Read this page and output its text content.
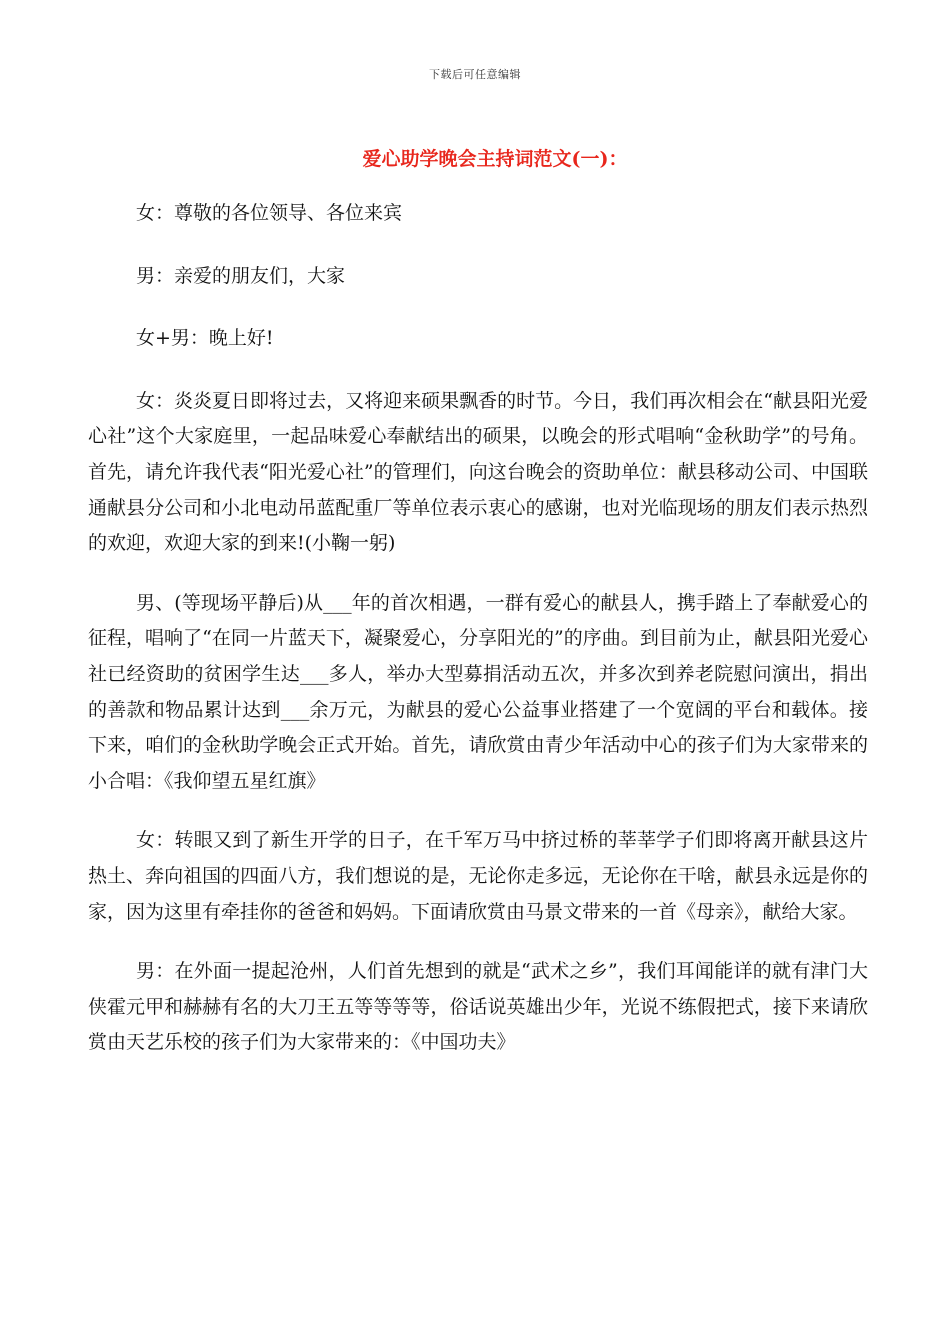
下载后可任意编辑
爱心助学晚会主持词范文(一)：

女：尊敬的各位领导、各位来宾

男：亲爱的朋友们，大家

女+男：晚上好!

女：炎炎夏日即将过去，又将迎来硕果飘香的时节。今日，我们再次相会在“献县阳光爱心社”这个大家庭里，一起品味爱心奉献结出的硕果，以晚会的形式唱响“金秋助学”的号角。首先，请允许我代表“阳光爱心社”的管理们，向这台晚会的资助单位：献县移动公司、中国联通献县分公司和小北电动吊蓝配重厂等单位表示衷心的感谢，也对光临现场的朋友们表示热烈的欢迎，欢迎大家的到来!(小鞠一躬)

男、(等现场平静后)从___年的首次相遇，一群有爱心的献县人，携手踏上了奉献爱心的征程，唱响了“在同一片蓝天下，凝聚爱心，分享阳光的”的序曲。到目前为止，献县阳光爱心社已经资助的贫困学生达___多人，举办大型募捐活动五次，并多次到养老院慰问演出，捐出的善款和物品累计达到___余万元，为献县的爱心公益事业搭建了一个宽阔的平台和载体。接下来，咱们的金秋助学晚会正式开始。首先，请欣赏由青少年活动中心的孩子们为大家带来的小合唱：《我仰望五星红旗》

女：转眼又到了新生开学的日子，在千军万马中挤过桥的莘莘学子们即将离开献县这片热土、奔向祖国的四面八方，我们想说的是，无论你走多远，无论你在干啥，献县永远是你的家，因为这里有牵挂你的爸爸和妈妈。下面请欣赏由马景文带来的一首《母亲》，献给大家。

男：在外面一提起沧州，人们首先想到的就是“武术之乡”，我们耳闻能详的就有津门大侠霍元甲和赫赫有名的大刀王五等等等等，俗话说英雄出少年，光说不练假把式，接下来请欣赏由天艺乐校的孩子们为大家带来的：《中国功夫》
